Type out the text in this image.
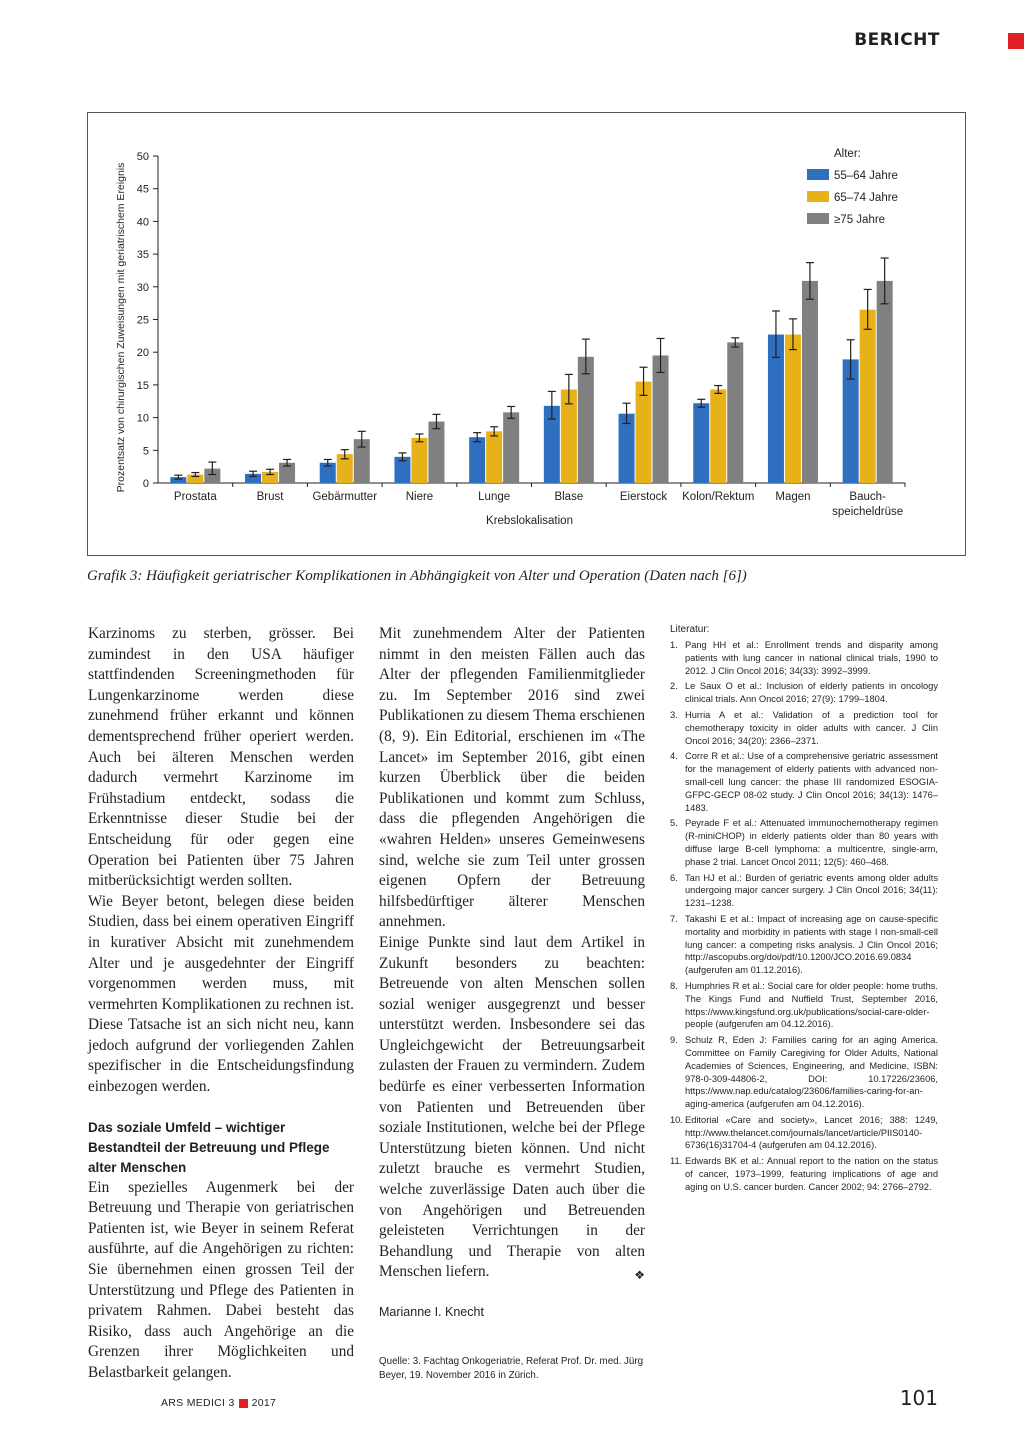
BERICHT
0
5
10
15
20
25
30
35
40
45
50
Prozentsatz von chirurgischen Zuweisungen mit geriatrischem Ereignis
Prostata	Brust	Gebärmutter Niere	Lunge	Blase	Eierstock Kolon/Rektum Magen	Bauch-speicheldrüse
Krebslokalisation
Alter:
55–64 Jahre
65–74 Jahre
≥75 Jahre
Grafik 3: Häufigkeit geriatrischer Komplikationen in Abhängigkeit von Alter und Operation (Daten nach [6])

Karzinoms zu sterben, grösser. Bei zumindest in den USA häufiger stattfindenden Screeningmethoden für Lungenkarzinome werden diese zunehmend früher erkannt und können dementsprechend früher operiert werden. Auch bei älteren Menschen werden dadurch vermehrt Karzinome im Frühstadium entdeckt, sodass die Erkenntnisse dieser Studie bei der Entscheidung für oder gegen eine Operation bei Patienten über 75 Jahren mitberücksichtigt werden sollten.

Wie Beyer betont, belegen diese beiden Studien, dass bei einem operativen Eingriff in kurativer Absicht mit zunehmendem Alter und je ausgedehnter der Eingriff vorgenommen werden muss, mit vermehrten Komplikationen zu rechnen ist. Diese Tatsache ist an sich nicht neu, kann jedoch aufgrund der vorliegenden Zahlen spezifischer in die Entscheidungsfindung einbezogen werden.

Das soziale Umfeld – wichtiger Bestandteil der Betreuung und Pflege alter Menschen

Ein spezielles Augenmerk bei der Betreuung und Therapie von geriatrischen Patienten ist, wie Beyer in seinem Referat ausführte, auf die Angehörigen zu richten: Sie übernehmen einen grossen Teil der Unterstützung und Pflege des Patienten in privatem Rahmen. Dabei besteht das Risiko, dass auch Angehörige an die Grenzen ihrer Möglichkeiten und Belastbarkeit gelangen.

Mit zunehmendem Alter der Patienten nimmt in den meisten Fällen auch das Alter der pflegenden Familienmitglieder zu. Im September 2016 sind zwei Publikationen zu diesem Thema erschienen (8, 9). Ein Editorial, erschienen im «The Lancet» im September 2016, gibt einen kurzen Überblick über die beiden Publikationen und kommt zum Schluss, dass die pflegenden Angehörigen die «wahren Helden» unseres Gemeinwesens sind, welche sie zum Teil unter grossen eigenen Opfern der Betreuung hilfsbedürftiger älterer Menschen annehmen.

Einige Punkte sind laut dem Artikel in Zukunft besonders zu beachten: Betreuende von alten Menschen sollen sozial weniger ausgegrenzt und besser unterstützt werden. Insbesondere sei das Ungleichgewicht der Betreuungsarbeit zulasten der Frauen zu vermindern. Zudem bedürfe es einer verbesserten Information von Patienten und Betreuenden über soziale Institutionen, welche bei der Pflege Unterstützung bieten können. Und nicht zuletzt brauche es vermehrt Studien, welche zuverlässige Daten auch über die von Angehörigen und Betreuenden geleisteten Verrichtungen in der Behandlung und Therapie von alten Menschen liefern.	❖

Marianne I. Knecht
Quelle: 3. Fachtag Onkogeriatrie, Referat Prof. Dr. med. Jürg Beyer, 19. November 2016 in Zürich.
Literatur:
1. Pang HH et al.: Enrollment trends and disparity among patients with lung cancer in national clinical trials, 1990 to 2012. J Clin Oncol 2016; 34(33): 3992–3999.
2. Le Saux O et al.: Inclusion of elderly patients in oncology clinical trials. Ann Oncol 2016; 27(9): 1799–1804.
3. Hurria A et al.: Validation of a prediction tool for chemotherapy toxicity in older adults with cancer. J Clin Oncol 2016; 34(20): 2366–2371.
4. Corre R et al.: Use of a comprehensive geriatric assessment for the management of elderly patients with advanced non-small-cell lung cancer: the phase III randomized ESOGIA-GFPC-GECP 08-02 study. J Clin Oncol 2016; 34(13): 1476–1483.
5. Peyrade F et al.: Attenuated immunochemotherapy regimen (R-miniCHOP) in elderly patients older than 80 years with diffuse large B-cell lymphoma: a multicentre, single-arm, phase 2 trial. Lancet Oncol 2011; 12(5): 460–468.
6. Tan HJ et al.: Burden of geriatric events among older adults undergoing major cancer surgery. J Clin Oncol 2016; 34(11): 1231–1238.
7. Takashi E et al.: Impact of increasing age on cause-specific mortality and morbidity in patients with stage I non-small-cell lung cancer: a competing risks analysis. J Clin Oncol 2016; http://ascopubs.org/doi/pdf/10.1200/JCO.2016.69.0834 (aufgerufen am 01.12.2016).
8. Humphries R et al.: Social care for older people: home truths. The Kings Fund and Nuffield Trust, September 2016, https://www.kingsfund.org.uk/publications/social-care-older-people (aufgerufen am 04.12.2016).
9. Schulz R, Eden J: Families caring for an aging America. Committee on Family Caregiving for Older Adults, National Academies of Sciences, Engineering, and Medicine, ISBN: 978-0-309-44806-2, DOI: 10.17226/23606, https://www.nap.edu/catalog/23606/families-caring-for-an-aging-america (aufgerufen am 04.12.2016).
10. Editorial «Care and society», Lancet 2016; 388: 1249, http://www.thelancet.com/journals/lancet/article/PIIS0140-6736(16)31704-4 (aufgerufen am 04.12.2016).
11. Edwards BK et al.: Annual report to the nation on the status of cancer, 1973–1999, featuring implications of age and aging on U.S. cancer burden. Cancer 2002; 94: 2766–2792.
ARS MEDICI 3 2017	101
